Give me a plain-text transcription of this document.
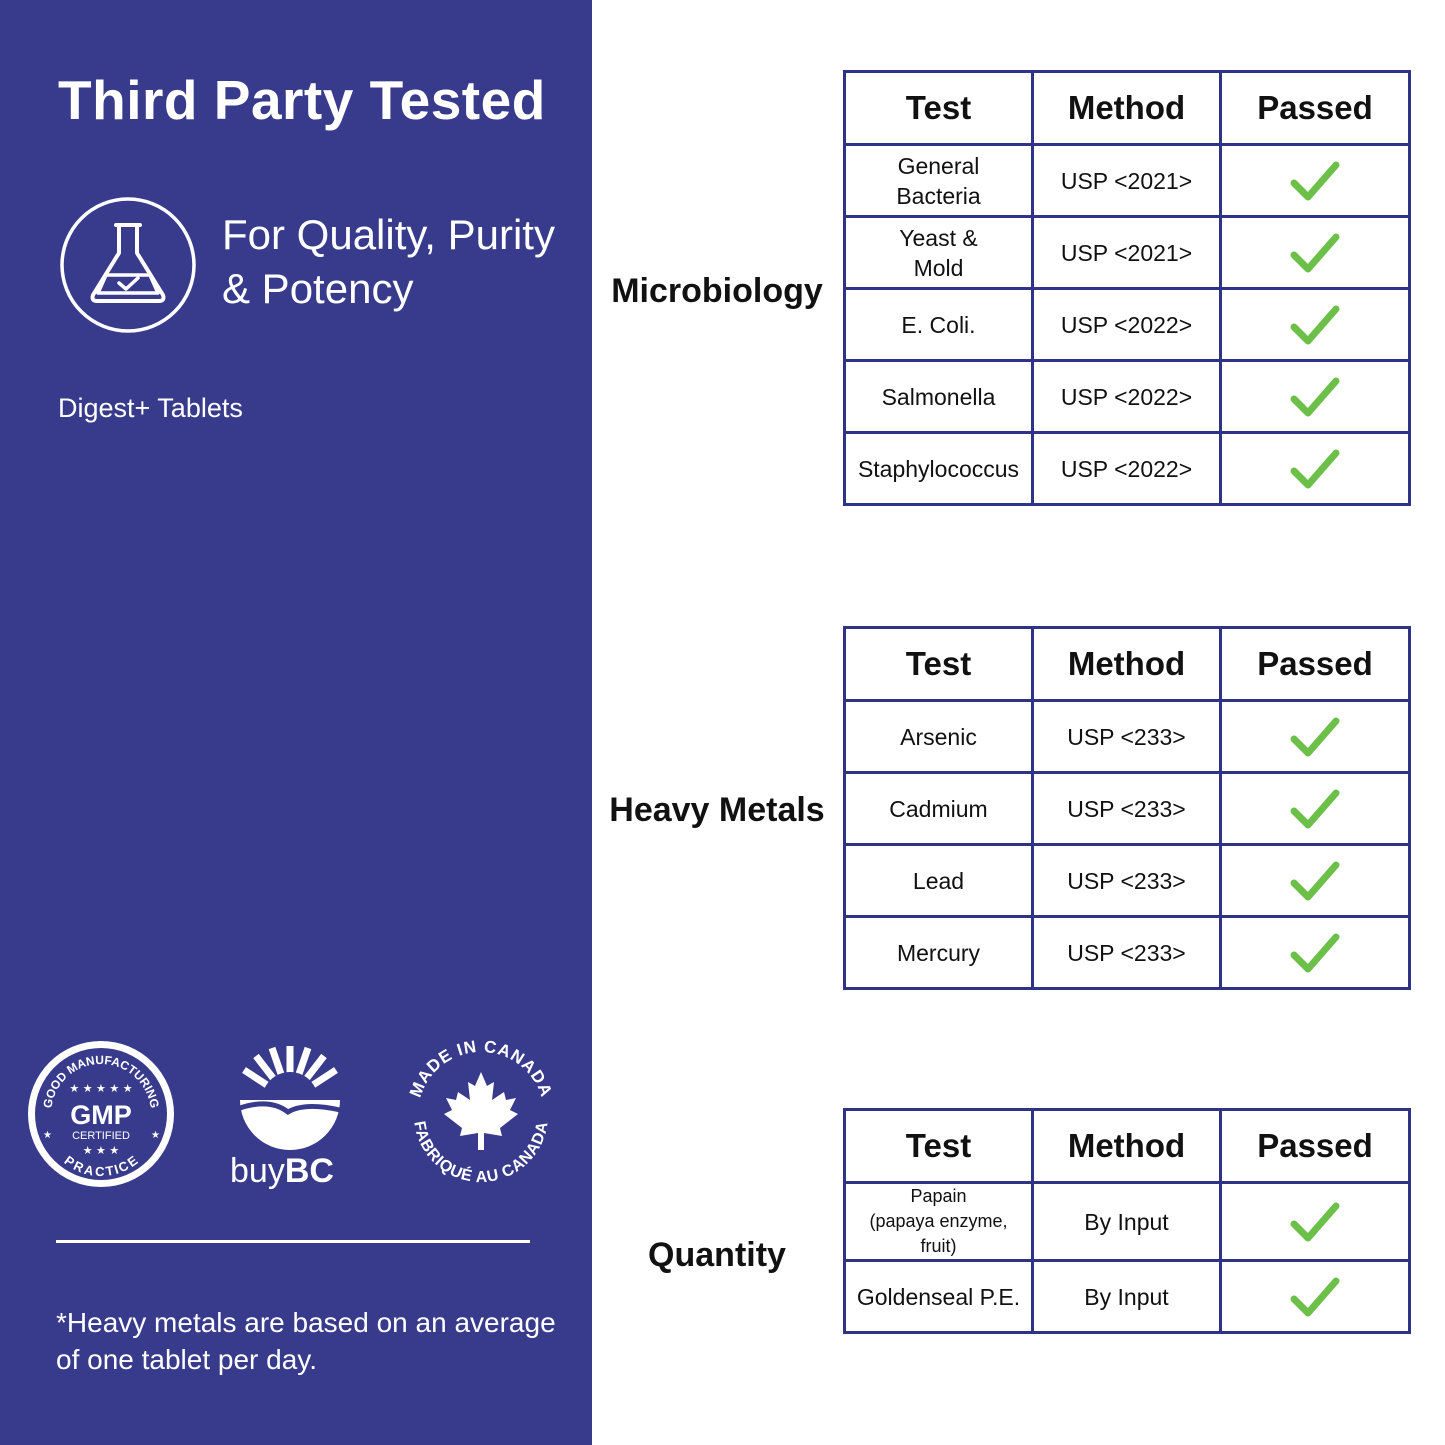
Third Party Tested
For Quality, Purity
& Potency
Digest+ Tablets
GOOD MANUFACTURING
PRACTICE
★ ★ ★ ★ ★
GMP
CERTIFIED
★ ★ ★
★	★
buyBC
MADE IN CANADA
FABRIQUÉ AU CANADA
*Heavy metals are based on an average
of one tablet per day.
Microbiology
Test	Method	Passed
General
Bacteria	USP <2021>	

Yeast &
Mold	USP <2021>	

E. Coli.	USP <2022>	

Salmonella	USP <2022>	

Staphylococcus	USP <2022>	
Heavy Metals
Test	Method	Passed
Arsenic	USP <233>	

Cadmium	USP <233>	

Lead	USP <233>	

Mercury	USP <233>	
Quantity
Test	Method	Passed
Papain
(papaya enzyme, fruit)	By Input	

Goldenseal P.E.	By Input	
